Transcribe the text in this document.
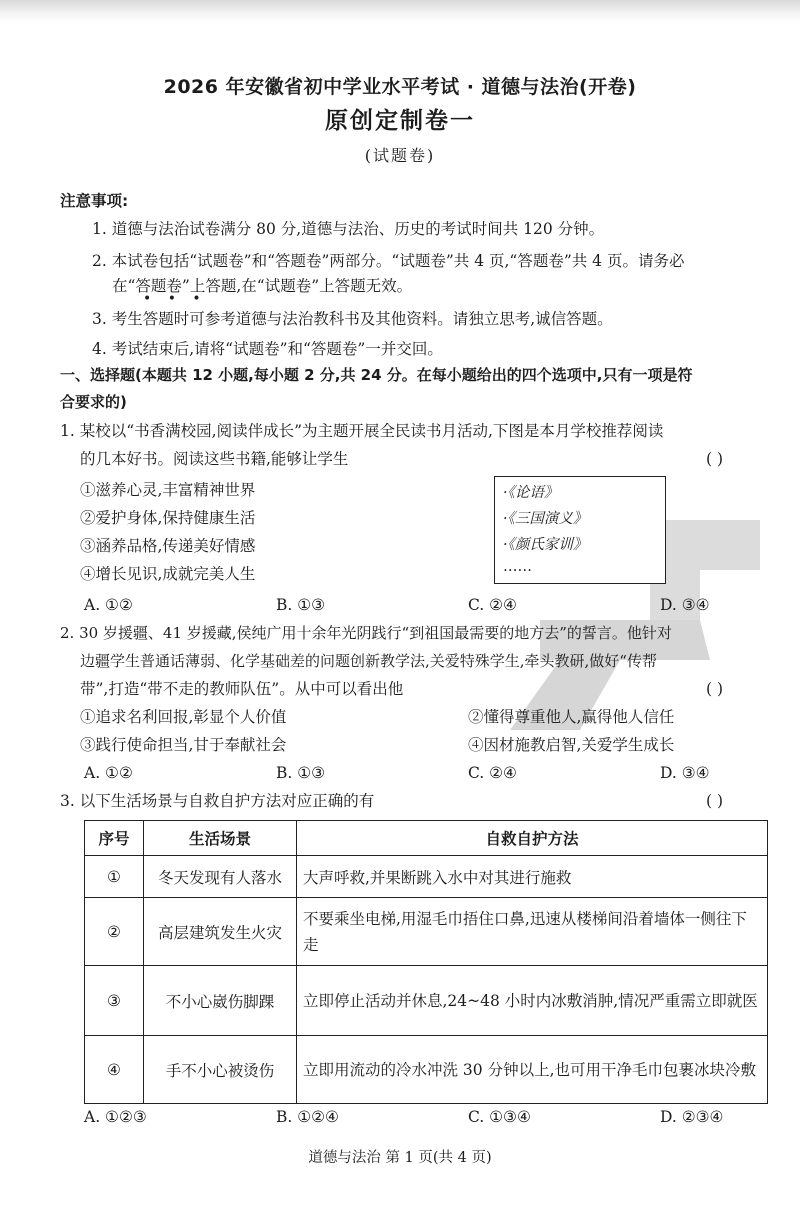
2026 年安徽省初中学业水平考试 · 道德与法治(开卷)
原创定制卷一
(试题卷)
注意事项:
1. 道德与法治试卷满分 80 分,道德与法治、历史的考试时间共 120 分钟。
2. 本试卷包括“试题卷”和“答题卷”两部分。“试题卷”共 4 页,“答题卷”共 4 页。请务必
在“答题卷”上答题,在“试题卷”上答题无效。
• • •
3. 考生答题时可参考道德与法治教科书及其他资料。请独立思考,诚信答题。
4. 考试结束后,请将“试题卷”和“答题卷”一并交回。
一、选择题(本题共 12 小题,每小题 2 分,共 24 分。在每小题给出的四个选项中,只有一项是符
合要求的)
1. 某校以“书香满校园,阅读伴成长”为主题开展全民读书月活动,下图是本月学校推荐阅读
的几本好书。阅读这些书籍,能够让学生	( )
①滋养心灵,丰富精神世界
②爱护身体,保持健康生活
③涵养品格,传递美好情感
④增长见识,成就完美人生
·《论语》
·《三国演义》
·《颜氏家训》
……
A. ①②	B. ①③	C. ②④	D. ③④
2. 30 岁援疆、41 岁援藏,侯纯广用十余年光阴践行“到祖国最需要的地方去”的誓言。他针对
边疆学生普通话薄弱、化学基础差的问题创新教学法,关爱特殊学生,牵头教研,做好“传帮
带”,打造“带不走的教师队伍”。从中可以看出他	( )
①追求名利回报,彰显个人价值	②懂得尊重他人,赢得他人信任
③践行使命担当,甘于奉献社会	④因材施教启智,关爱学生成长
A. ①②	B. ①③	C. ②④	D. ③④
3. 以下生活场景与自救自护方法对应正确的有	( )
序号	生活场景	自救自护方法
①	冬天发现有人落水	大声呼救,并果断跳入水中对其进行施救
②	高层建筑发生火灾	不要乘坐电梯,用湿毛巾捂住口鼻,迅速从楼梯间沿着墙体一侧往下走
③	不小心崴伤脚踝	立即停止活动并休息,24~48 小时内冰敷消肿,情况严重需立即就医
④	手不小心被烫伤	立即用流动的冷水冲洗 30 分钟以上,也可用干净毛巾包裹冰块冷敷
A. ①②③	B. ①②④	C. ①③④	D. ②③④
道德与法治 第 1 页(共 4 页)
